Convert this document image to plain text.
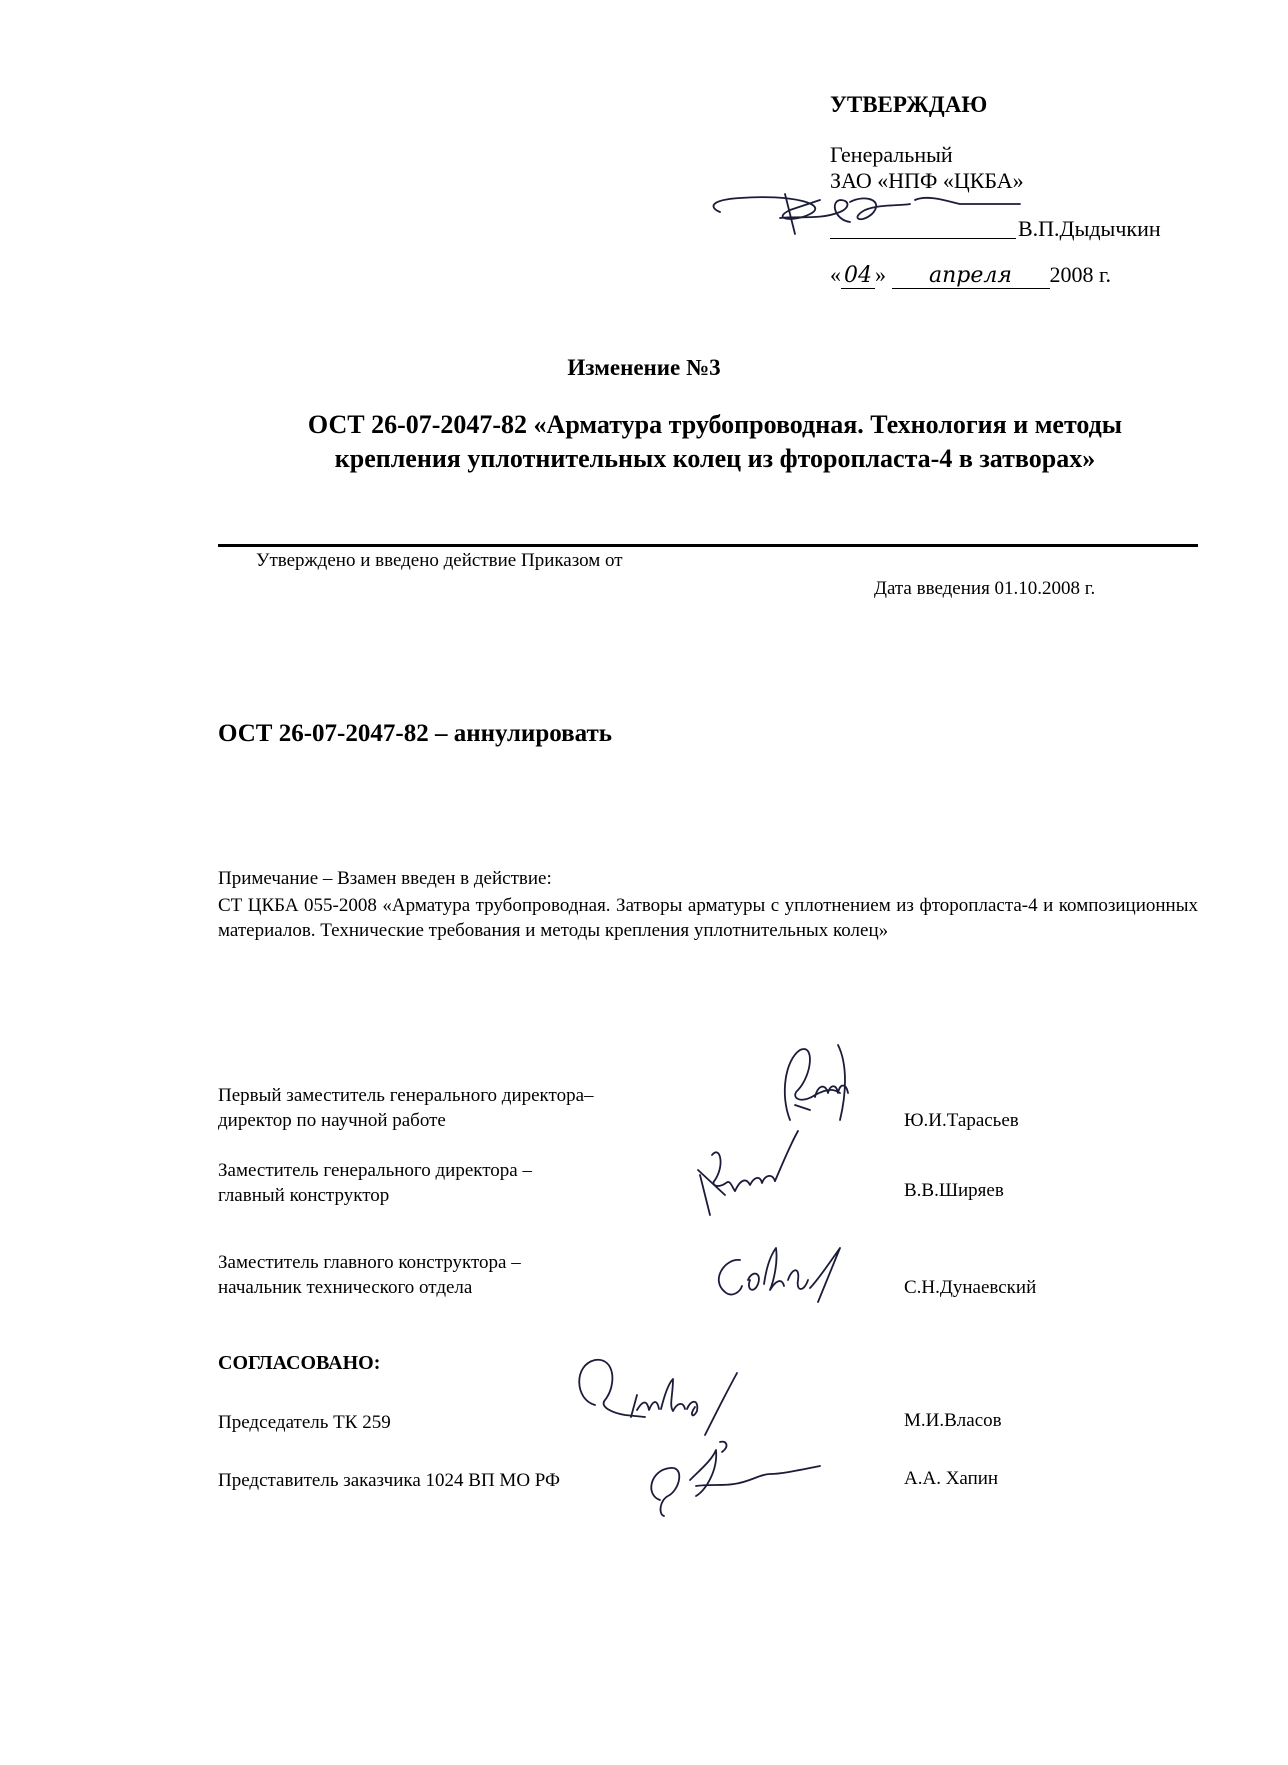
УТВЕРЖДАЮ
Генеральный
ЗАО «НПФ «ЦКБА»
В.П.Дыдычкин
« 04 » апреля 2008 г.
Изменение №3
ОСТ 26-07-2047-82 «Арматура трубопроводная. Технология и методы
крепления уплотнительных колец из фторопласта-4 в затворах»
Утверждено и введено действие Приказом от
Дата введения 01.10.2008 г.
ОСТ 26-07-2047-82 – аннулировать
Примечание – Взамен введен в действие:
СТ ЦКБА 055-2008 «Арматура трубопроводная. Затворы арматуры с уплотнением из фторопласта-4 и композиционных материалов. Технические требования и методы крепления уплотнительных колец»
Первый заместитель генерального директора–
директор по научной работе	Ю.И.Тарасьев
Заместитель генерального директора –
главный конструктор	В.В.Ширяев
Заместитель главного конструктора –
начальник технического отдела	С.Н.Дунаевский
СОГЛАСОВАНО:
Председатель ТК 259	М.И.Власов
Представитель заказчика 1024 ВП МО РФ	А.А. Хапин
